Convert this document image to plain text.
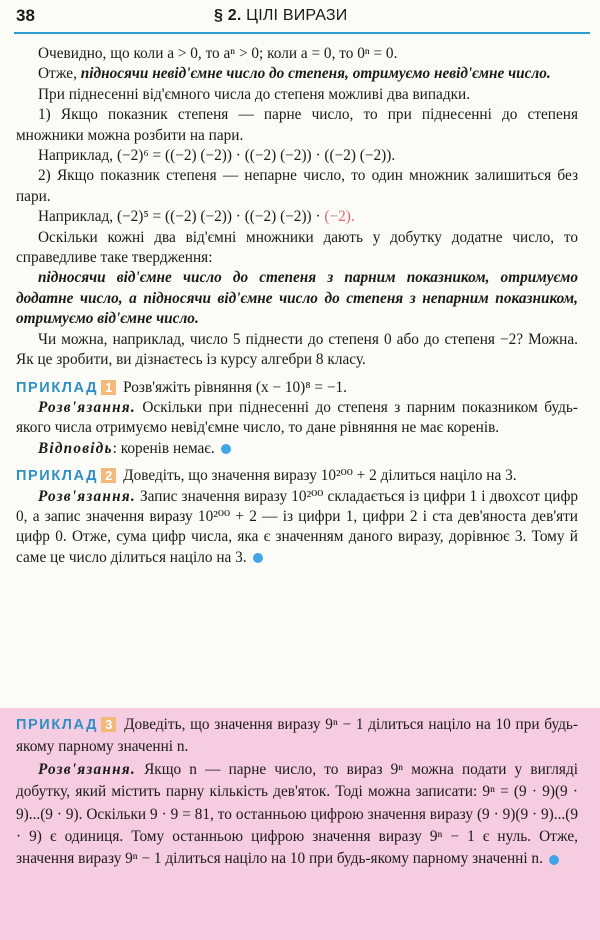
38	§ 2. ЦІЛІ ВИРАЗИ

Очевидно, що коли a > 0, то aⁿ > 0; коли a = 0, то 0ⁿ = 0.

Отже, підносячи невід'ємне число до степеня, отримуємо невід'ємне число.

При піднесенні від'ємного числа до степеня можливі два випадки.

1) Якщо показник степеня — парне число, то при піднесенні до степеня множники можна розбити на пари.

Наприклад, (−2)⁶ = ((−2) (−2)) · ((−2) (−2)) · ((−2) (−2)).

2) Якщо показник степеня — непарне число, то один множник залишиться без пари.

Наприклад, (−2)⁵ = ((−2) (−2)) · ((−2) (−2)) · (−2).

Оскільки кожні два від'ємні множники дають у добутку додатне число, то справедливе таке твердження:

підносячи від'ємне число до степеня з парним показником, отримуємо додатне число, а підносячи від'ємне число до степеня з непарним показником, отримуємо від'ємне число.

Чи можна, наприклад, число 5 піднести до степеня 0 або до степеня −2? Можна. Як це зробити, ви дізнаєтесь із курсу алгебри 8 класу.

ПРИКЛАД 1 Розв'яжіть рівняння (x − 10)⁸ = −1.

Розв'язання. Оскільки при піднесенні до степеня з парним показником будь-якого числа отримуємо невід'ємне число, то дане рівняння не має коренів.

Відповідь: коренів немає.

ПРИКЛАД 2 Доведіть, що значення виразу 10²⁰⁰ + 2 ділиться націло на 3.

Розв'язання. Запис значення виразу 10²⁰⁰ складається із цифри 1 і двохсот цифр 0, а запис значення виразу 10²⁰⁰ + 2 — із цифри 1, цифри 2 і ста дев'яноста дев'яти цифр 0. Отже, сума цифр числа, яка є значенням даного виразу, дорівнює 3. Тому й саме це число ділиться націло на 3.

ПРИКЛАД 3 Доведіть, що значення виразу 9ⁿ − 1 ділиться націло на 10 при будь-якому парному значенні n.

Розв'язання. Якщо n — парне число, то вираз 9ⁿ можна подати у вигляді добутку, який містить парну кількість дев'яток. Тоді можна записати: 9ⁿ = (9 · 9)(9 · 9)...(9 · 9). Оскільки 9 · 9 = 81, то останньою цифрою значення виразу (9 · 9)(9 · 9)...(9 · 9) є одиниця. Тому останньою цифрою значення виразу 9ⁿ − 1 є нуль. Отже, значення виразу 9ⁿ − 1 ділиться націло на 10 при будь-якому парному значенні n.
